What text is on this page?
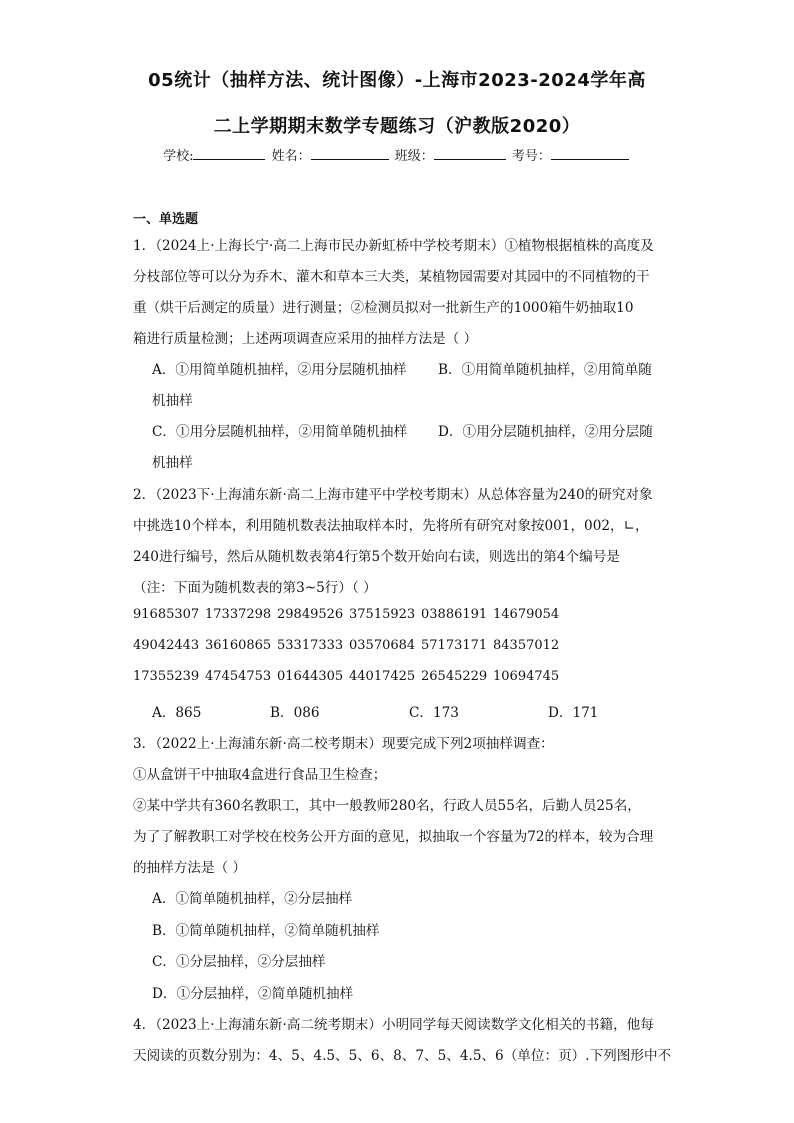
05统计（抽样方法、统计图像）-上海市2023-2024学年高
二上学期期末数学专题练习（沪教版2020）
学校:	姓名：	班级：	考号：
一、单选题
1．（2024上·上海长宁·高二上海市民办新虹桥中学校考期末）①植物根据植株的高度及
分枝部位等可以分为乔木、灌木和草本三大类，某植物园需要对其园中的不同植物的干
重（烘干后测定的质量）进行测量；②检测员拟对一批新生产的1000箱牛奶抽取10
箱进行质量检测；上述两项调查应采用的抽样方法是（ ）
A．①用简单随机抽样，②用分层随机抽样 B．①用简单随机抽样，②用简单随
机抽样
C．①用分层随机抽样，②用简单随机抽样 D．①用分层随机抽样，②用分层随
机抽样
2．（2023下·上海浦东新·高二上海市建平中学校考期末）从总体容量为240的研究对象
中挑选10个样本，利用随机数表法抽取样本时，先将所有研究对象按001，002，∟，
240进行编号，然后从随机数表第4行第5个数开始向右读，则选出的第4个编号是
（注：下面为随机数表的第3~5行）（ ）
91685307 17337298 29849526 37515923 03886191 14679054
49042443 36160865 53317333 03570684 57173171 84357012
17355239 47454753 01644305 44017425 26545229 10694745
A．865	B．086	C．173	D．171
3．（2022上·上海浦东新·高二校考期末）现要完成下列2项抽样调查：
①从盒饼干中抽取4盒进行食品卫生检查；
②某中学共有360名教职工，其中一般教师280名，行政人员55名，后勤人员25名，
为了了解教职工对学校在校务公开方面的意见，拟抽取一个容量为72的样本，较为合理
的抽样方法是（ ）
A．①简单随机抽样，②分层抽样
B．①简单随机抽样，②简单随机抽样
C．①分层抽样，②分层抽样
D．①分层抽样，②简单随机抽样
4．（2023上·上海浦东新·高二统考期末）小明同学每天阅读数学文化相关的书籍，他每
天阅读的页数分别为：4、5、4.5、5、6、8、7、5、4.5、6（单位：页）.下列图形中不
